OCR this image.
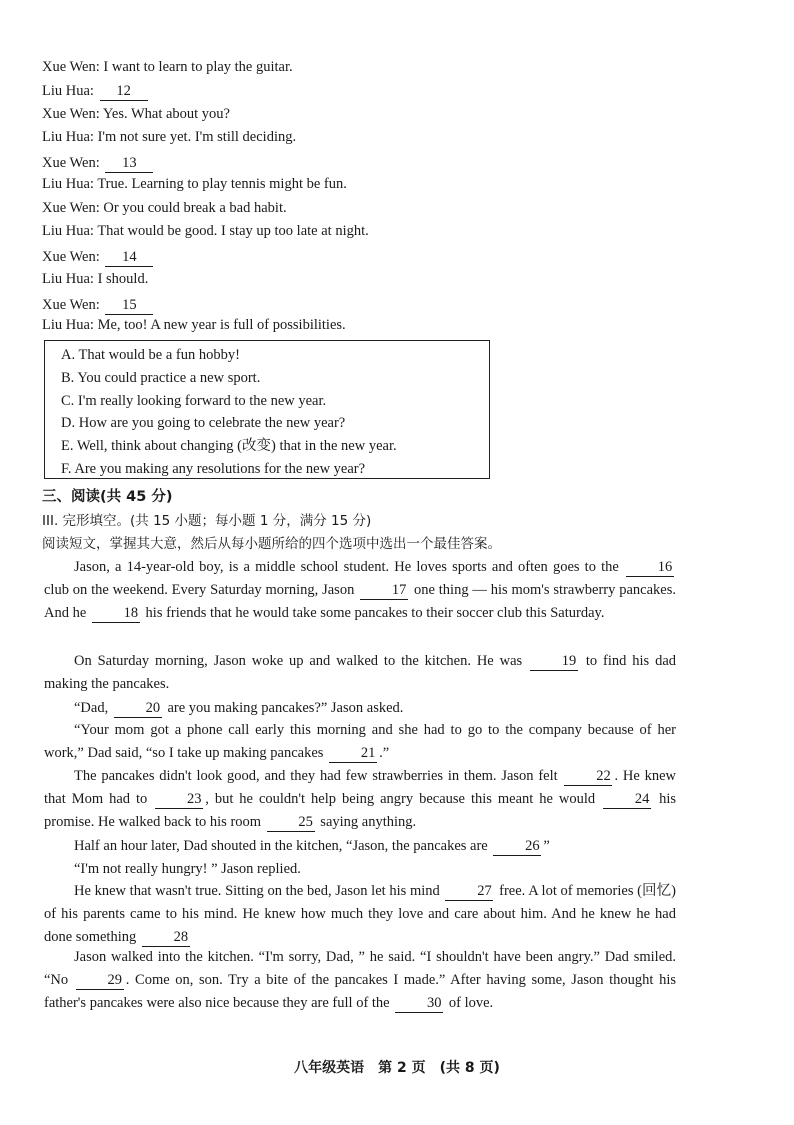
Xue Wen: I want to learn to play the guitar.
Liu Hua: 12
Xue Wen: Yes. What about you?
Liu Hua: I'm not sure yet. I'm still deciding.
Xue Wen: 13
Liu Hua: True. Learning to play tennis might be fun.
Xue Wen: Or you could break a bad habit.
Liu Hua: That would be good. I stay up too late at night.
Xue Wen: 14
Liu Hua: I should.
Xue Wen: 15
Liu Hua: Me, too! A new year is full of possibilities.
A. That would be a fun hobby!
B. You could practice a new sport.
C. I'm really looking forward to the new year.
D. How are you going to celebrate the new year?
E. Well, think about changing (改变) that in the new year.
F. Are you making any resolutions for the new year?
三、阅读(共 45 分)
III. 完形填空。(共 15 小题；每小题 1 分，满分 15 分)
阅读短文，掌握其大意，然后从每小题所给的四个选项中选出一个最佳答案。
Jason, a 14-year-old boy, is a middle school student. He loves sports and often goes to the 16 club on the weekend. Every Saturday morning, Jason 17 one thing — his mom's strawberry pancakes. And he 18 his friends that he would take some pancakes to their soccer club this Saturday.
On Saturday morning, Jason woke up and walked to the kitchen. He was 19 to find his dad making the pancakes.
“Dad, 20 are you making pancakes?” Jason asked.
“Your mom got a phone call early this morning and she had to go to the company because of her work,” Dad said, “so I take up making pancakes 21 .”
The pancakes didn't look good, and they had few strawberries in them. Jason felt 22 . He knew that Mom had to 23 , but he couldn't help being angry because this meant he would 24 his promise. He walked back to his room 25 saying anything.
Half an hour later, Dad shouted in the kitchen, “Jason, the pancakes are 26 ”
“I'm not really hungry! ” Jason replied.
He knew that wasn't true. Sitting on the bed, Jason let his mind 27 free. A lot of memories (回忆) of his parents came to his mind. He knew how much they love and care about him. And he knew he had done something 28
Jason walked into the kitchen. “I'm sorry, Dad, ” he said. “I shouldn't have been angry.” Dad smiled. “No 29 . Come on, son. Try a bite of the pancakes I made.” After having some, Jason thought his father's pancakes were also nice because they are full of the 30 of love.
八年级英语　第 2 页　(共 8 页)
